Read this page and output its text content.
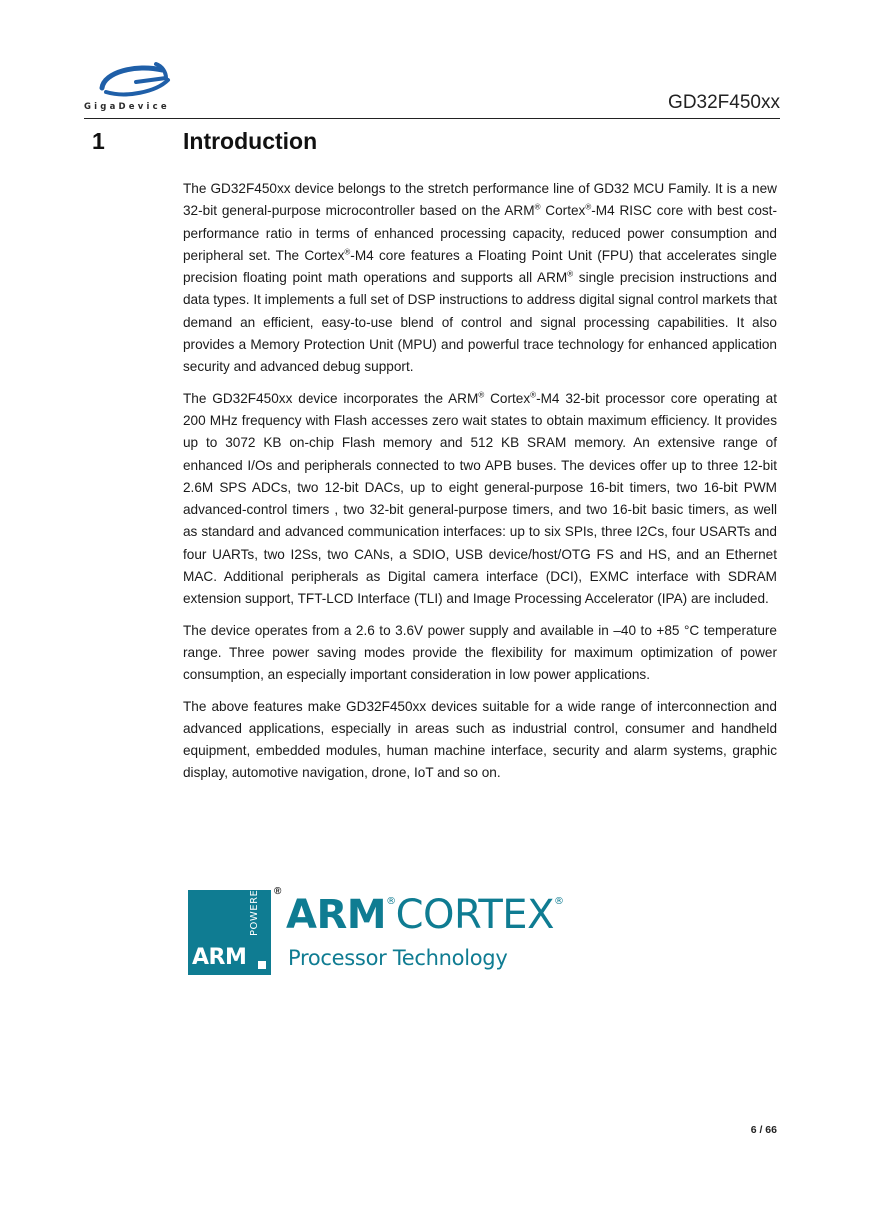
GigaDevice	GD32F450xx
1	Introduction

The GD32F450xx device belongs to the stretch performance line of GD32 MCU Family. It is a new 32-bit general-purpose microcontroller based on the ARM® Cortex®-M4 RISC core with best cost-performance ratio in terms of enhanced processing capacity, reduced power consumption and peripheral set. The Cortex®-M4 core features a Floating Point Unit (FPU) that accelerates single precision floating point math operations and supports all ARM® single precision instructions and data types. It implements a full set of DSP instructions to address digital signal control markets that demand an efficient, easy-to-use blend of control and signal processing capabilities. It also provides a Memory Protection Unit (MPU) and powerful trace technology for enhanced application security and advanced debug support.

The GD32F450xx device incorporates the ARM® Cortex®-M4 32-bit processor core operating at 200 MHz frequency with Flash accesses zero wait states to obtain maximum efficiency. It provides up to 3072 KB on-chip Flash memory and 512 KB SRAM memory. An extensive range of enhanced I/Os and peripherals connected to two APB buses. The devices offer up to three 12-bit 2.6M SPS ADCs, two 12-bit DACs, up to eight general-purpose 16-bit timers, two 16-bit PWM advanced-control timers , two 32-bit general-purpose timers, and two 16-bit basic timers, as well as standard and advanced communication interfaces: up to six SPIs, three I2Cs, four USARTs and four UARTs, two I2Ss, two CANs, a SDIO, USB device/host/OTG FS and HS, and an Ethernet MAC. Additional peripherals as Digital camera interface (DCI), EXMC interface with SDRAM extension support, TFT-LCD Interface (TLI) and Image Processing Accelerator (IPA) are included.

The device operates from a 2.6 to 3.6V power supply and available in –40 to +85 °C temperature range. Three power saving modes provide the flexibility for maximum optimization of power consumption, an especially important consideration in low power applications.

The above features make GD32F450xx devices suitable for a wide range of interconnection and advanced applications, especially in areas such as industrial control, consumer and handheld equipment, embedded modules, human machine interface, security and alarm systems, graphic display, automotive navigation, drone, IoT and so on.

ARM
POWERED ®
ARM®CORTEX®
Processor Technology
6 / 66
